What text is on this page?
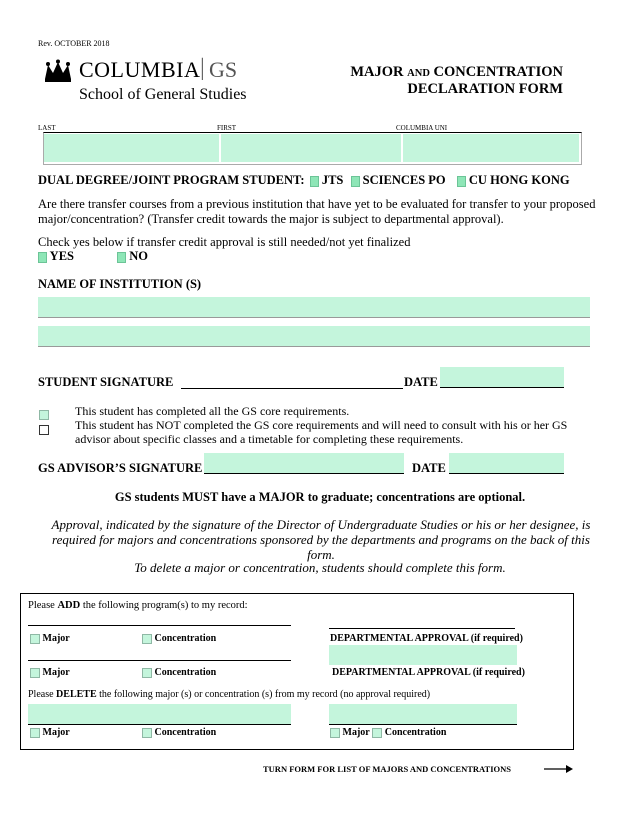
Rev. OCTOBER 2018
COLUMBIA | GS
School of General Studies
MAJOR AND CONCENTRATION
DECLARATION FORM
LAST	FIRST	COLUMBIA UNI
DUAL DEGREE/JOINT PROGRAM STUDENT: JTS SCIENCES PO CU HONG KONG
Are there transfer courses from a previous institution that have yet to be evaluated for transfer to your proposed major/concentration? (Transfer credit towards the major is subject to departmental approval).
Check yes below if transfer credit approval is still needed/not yet finalized
YES	NO
NAME OF INSTITUTION (S)
STUDENT SIGNATURE	DATE
This student has completed all the GS core requirements.
This student has NOT completed the GS core requirements and will need to consult with his or her GS advisor about specific classes and a timetable for completing these requirements.
GS ADVISOR’S SIGNATURE	DATE
GS students MUST have a MAJOR to graduate; concentrations are optional.
Approval, indicated by the signature of the Director of Undergraduate Studies or his or her designee, is required for majors and concentrations sponsored by the departments and programs on the back of this form.
To delete a major or concentration, students should complete this form.
Please ADD the following program(s) to my record:
Major	Concentration	DEPARTMENTAL APPROVAL (if required)
Major	Concentration	DEPARTMENTAL APPROVAL (if required)
Please DELETE the following major (s) or concentration (s) from my record (no approval required)
Major	Concentration	Major Concentration
TURN FORM FOR LIST OF MAJORS AND CONCENTRATIONS
